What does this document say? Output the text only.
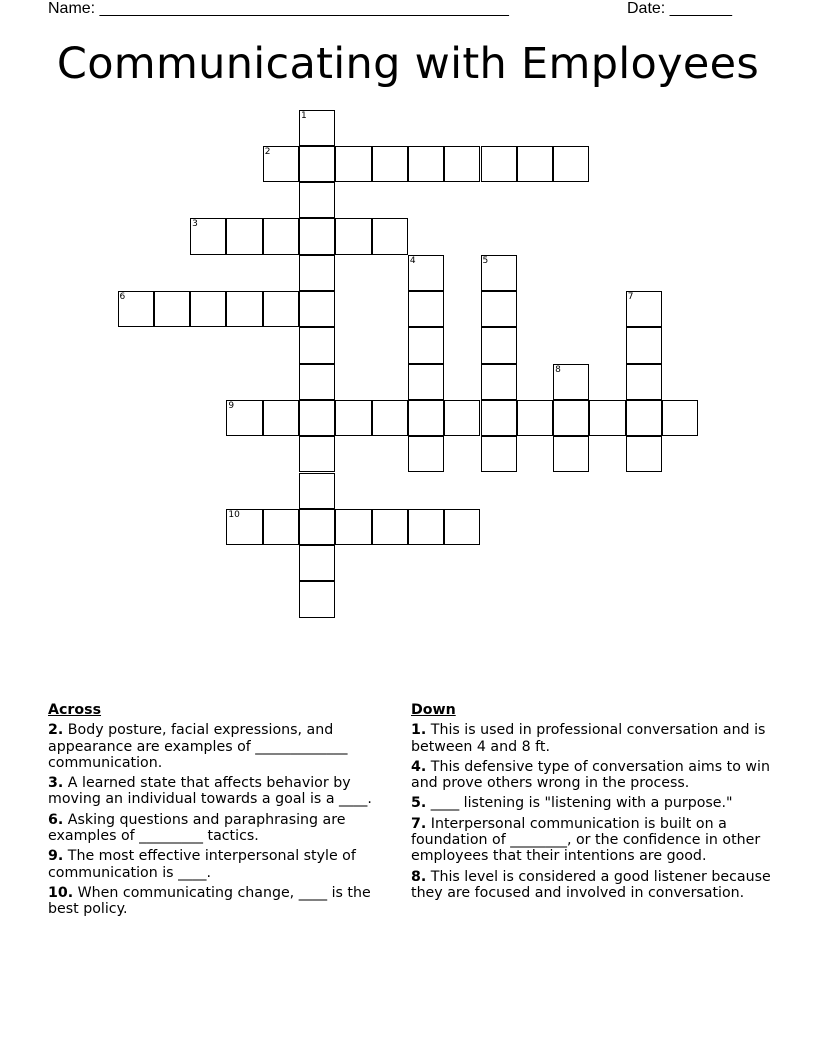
Name: ______________________________________________	Date: _______
Communicating with Employees
1
2
3
4	5
6	7
8
9
10
Across
2. Body posture, facial expressions, and appearance are examples of _____________ communication.
3. A learned state that affects behavior by moving an individual towards a goal is a ____.
6. Asking questions and paraphrasing are examples of _________ tactics.
9. The most effective interpersonal style of communication is ____.
10. When communicating change, ____ is the best policy.
Down
1. This is used in professional conversation and is between 4 and 8 ft.
4. This defensive type of conversation aims to win and prove others wrong in the process.
5. ____ listening is "listening with a purpose."
7. Interpersonal communication is built on a foundation of ________, or the confidence in other employees that their intentions are good.
8. This level is considered a good listener because they are focused and involved in conversation.
